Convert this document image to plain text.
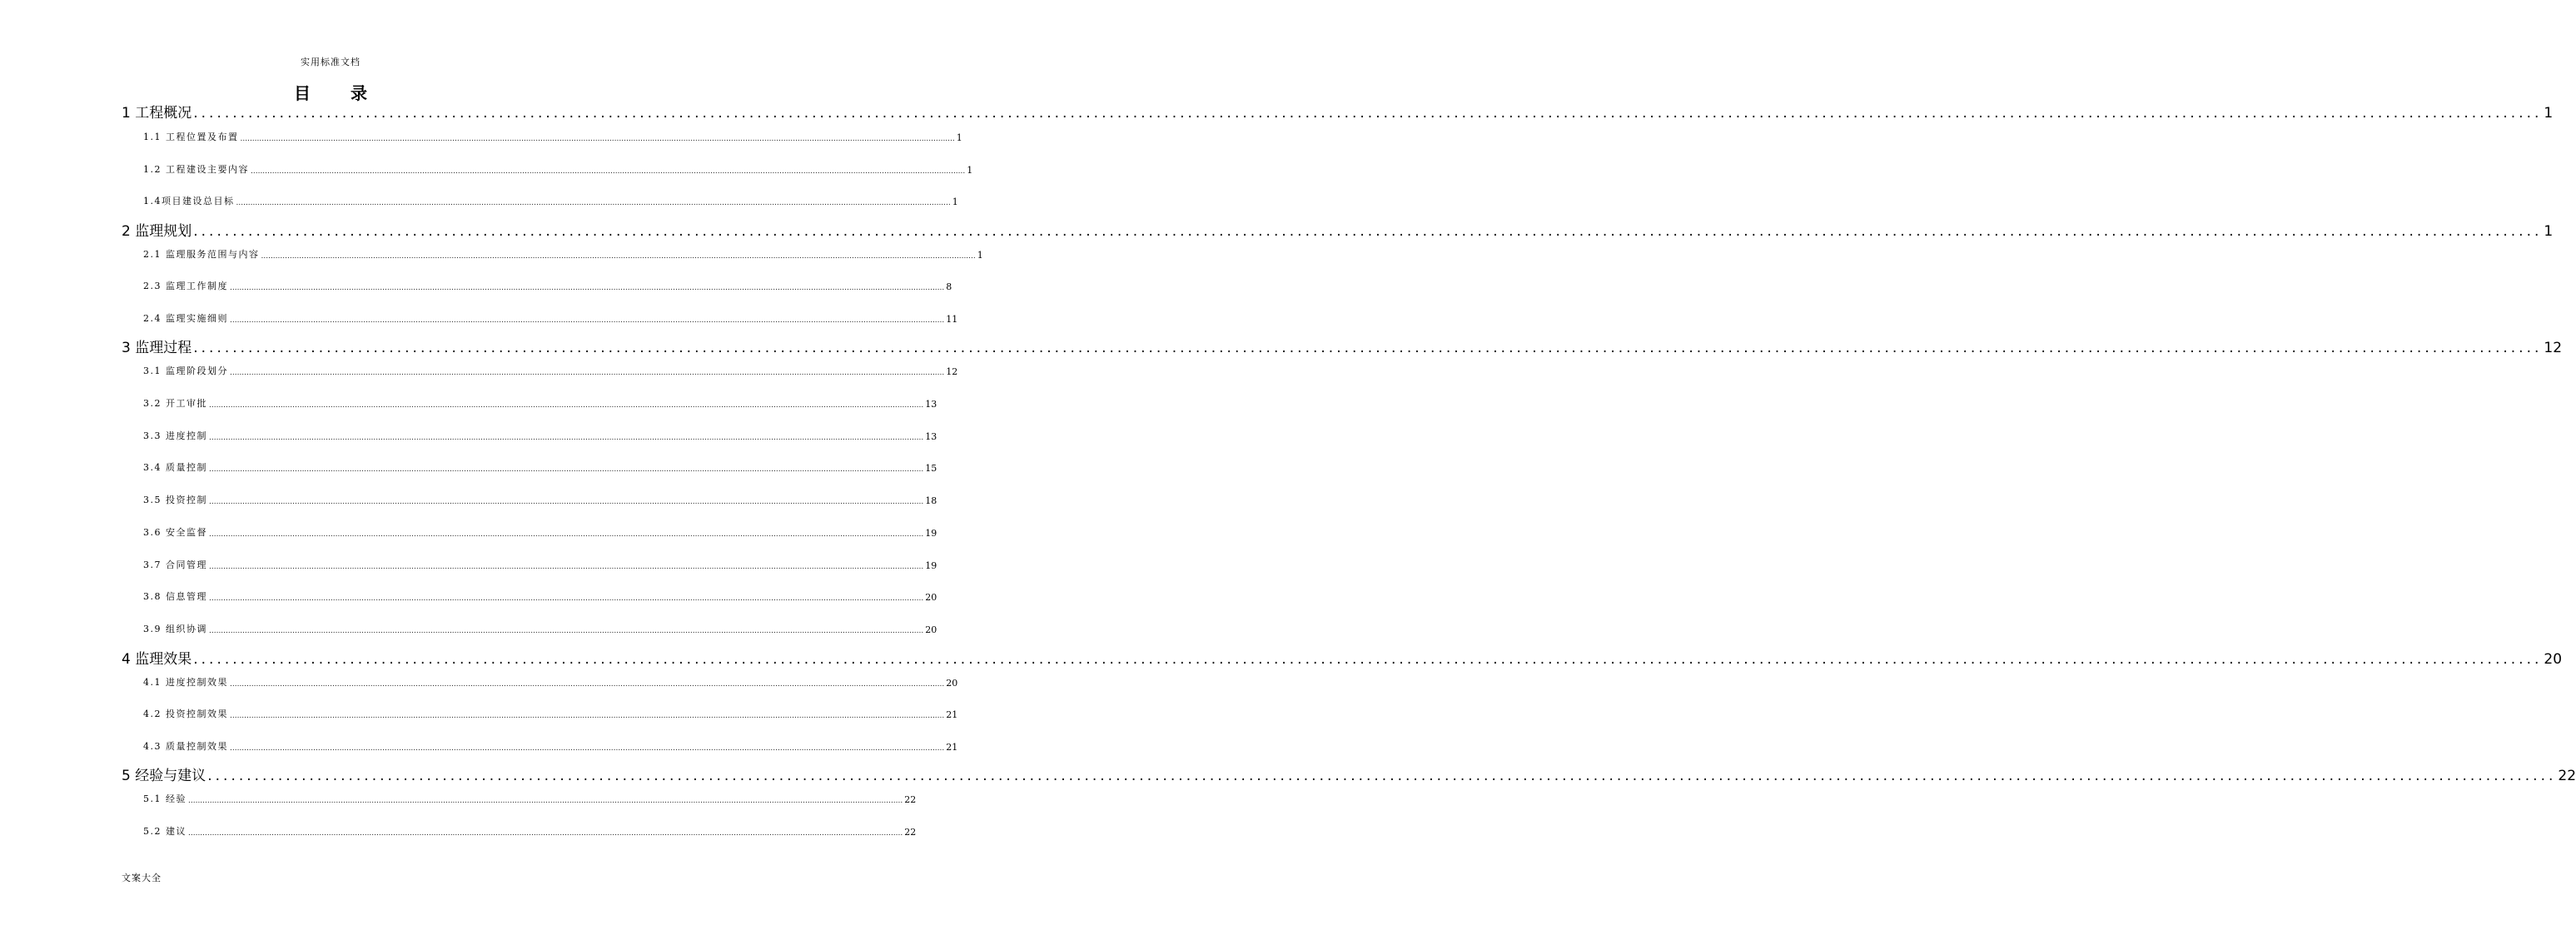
实用标准文档
目 录
1 工程概况 ............................................................................................................................................................................................................................................................................................................ 1
1.1 工程位置及布置 ............................................................................................................................................................................................................................................................................................................ 1
1.2 工程建设主要内容 ............................................................................................................................................................................................................................................................................................................ 1
1.4项目建设总目标 ............................................................................................................................................................................................................................................................................................................ 1
2 监理规划 ............................................................................................................................................................................................................................................................................................................ 1
2.1 监理服务范围与内容 ............................................................................................................................................................................................................................................................................................................ 1
2.3 监理工作制度 ............................................................................................................................................................................................................................................................................................................ 8
2.4 监理实施细则 ............................................................................................................................................................................................................................................................................................................ 11
3 监理过程 ............................................................................................................................................................................................................................................................................................................ 12
3.1 监理阶段划分 ............................................................................................................................................................................................................................................................................................................ 12
3.2 开工审批 ............................................................................................................................................................................................................................................................................................................ 13
3.3 进度控制 ............................................................................................................................................................................................................................................................................................................ 13
3.4 质量控制 ............................................................................................................................................................................................................................................................................................................ 15
3.5 投资控制 ............................................................................................................................................................................................................................................................................................................ 18
3.6 安全监督 ............................................................................................................................................................................................................................................................................................................ 19
3.7 合同管理 ............................................................................................................................................................................................................................................................................................................ 19
3.8 信息管理 ............................................................................................................................................................................................................................................................................................................ 20
3.9 组织协调 ............................................................................................................................................................................................................................................................................................................ 20
4 监理效果 ............................................................................................................................................................................................................................................................................................................ 20
4.1 进度控制效果 ............................................................................................................................................................................................................................................................................................................ 20
4.2 投资控制效果 ............................................................................................................................................................................................................................................................................................................ 21
4.3 质量控制效果 ............................................................................................................................................................................................................................................................................................................ 21
5 经验与建议 ............................................................................................................................................................................................................................................................................................................ 22
5.1 经验 ............................................................................................................................................................................................................................................................................................................ 22
5.2 建议 ............................................................................................................................................................................................................................................................................................................ 22
文案大全
